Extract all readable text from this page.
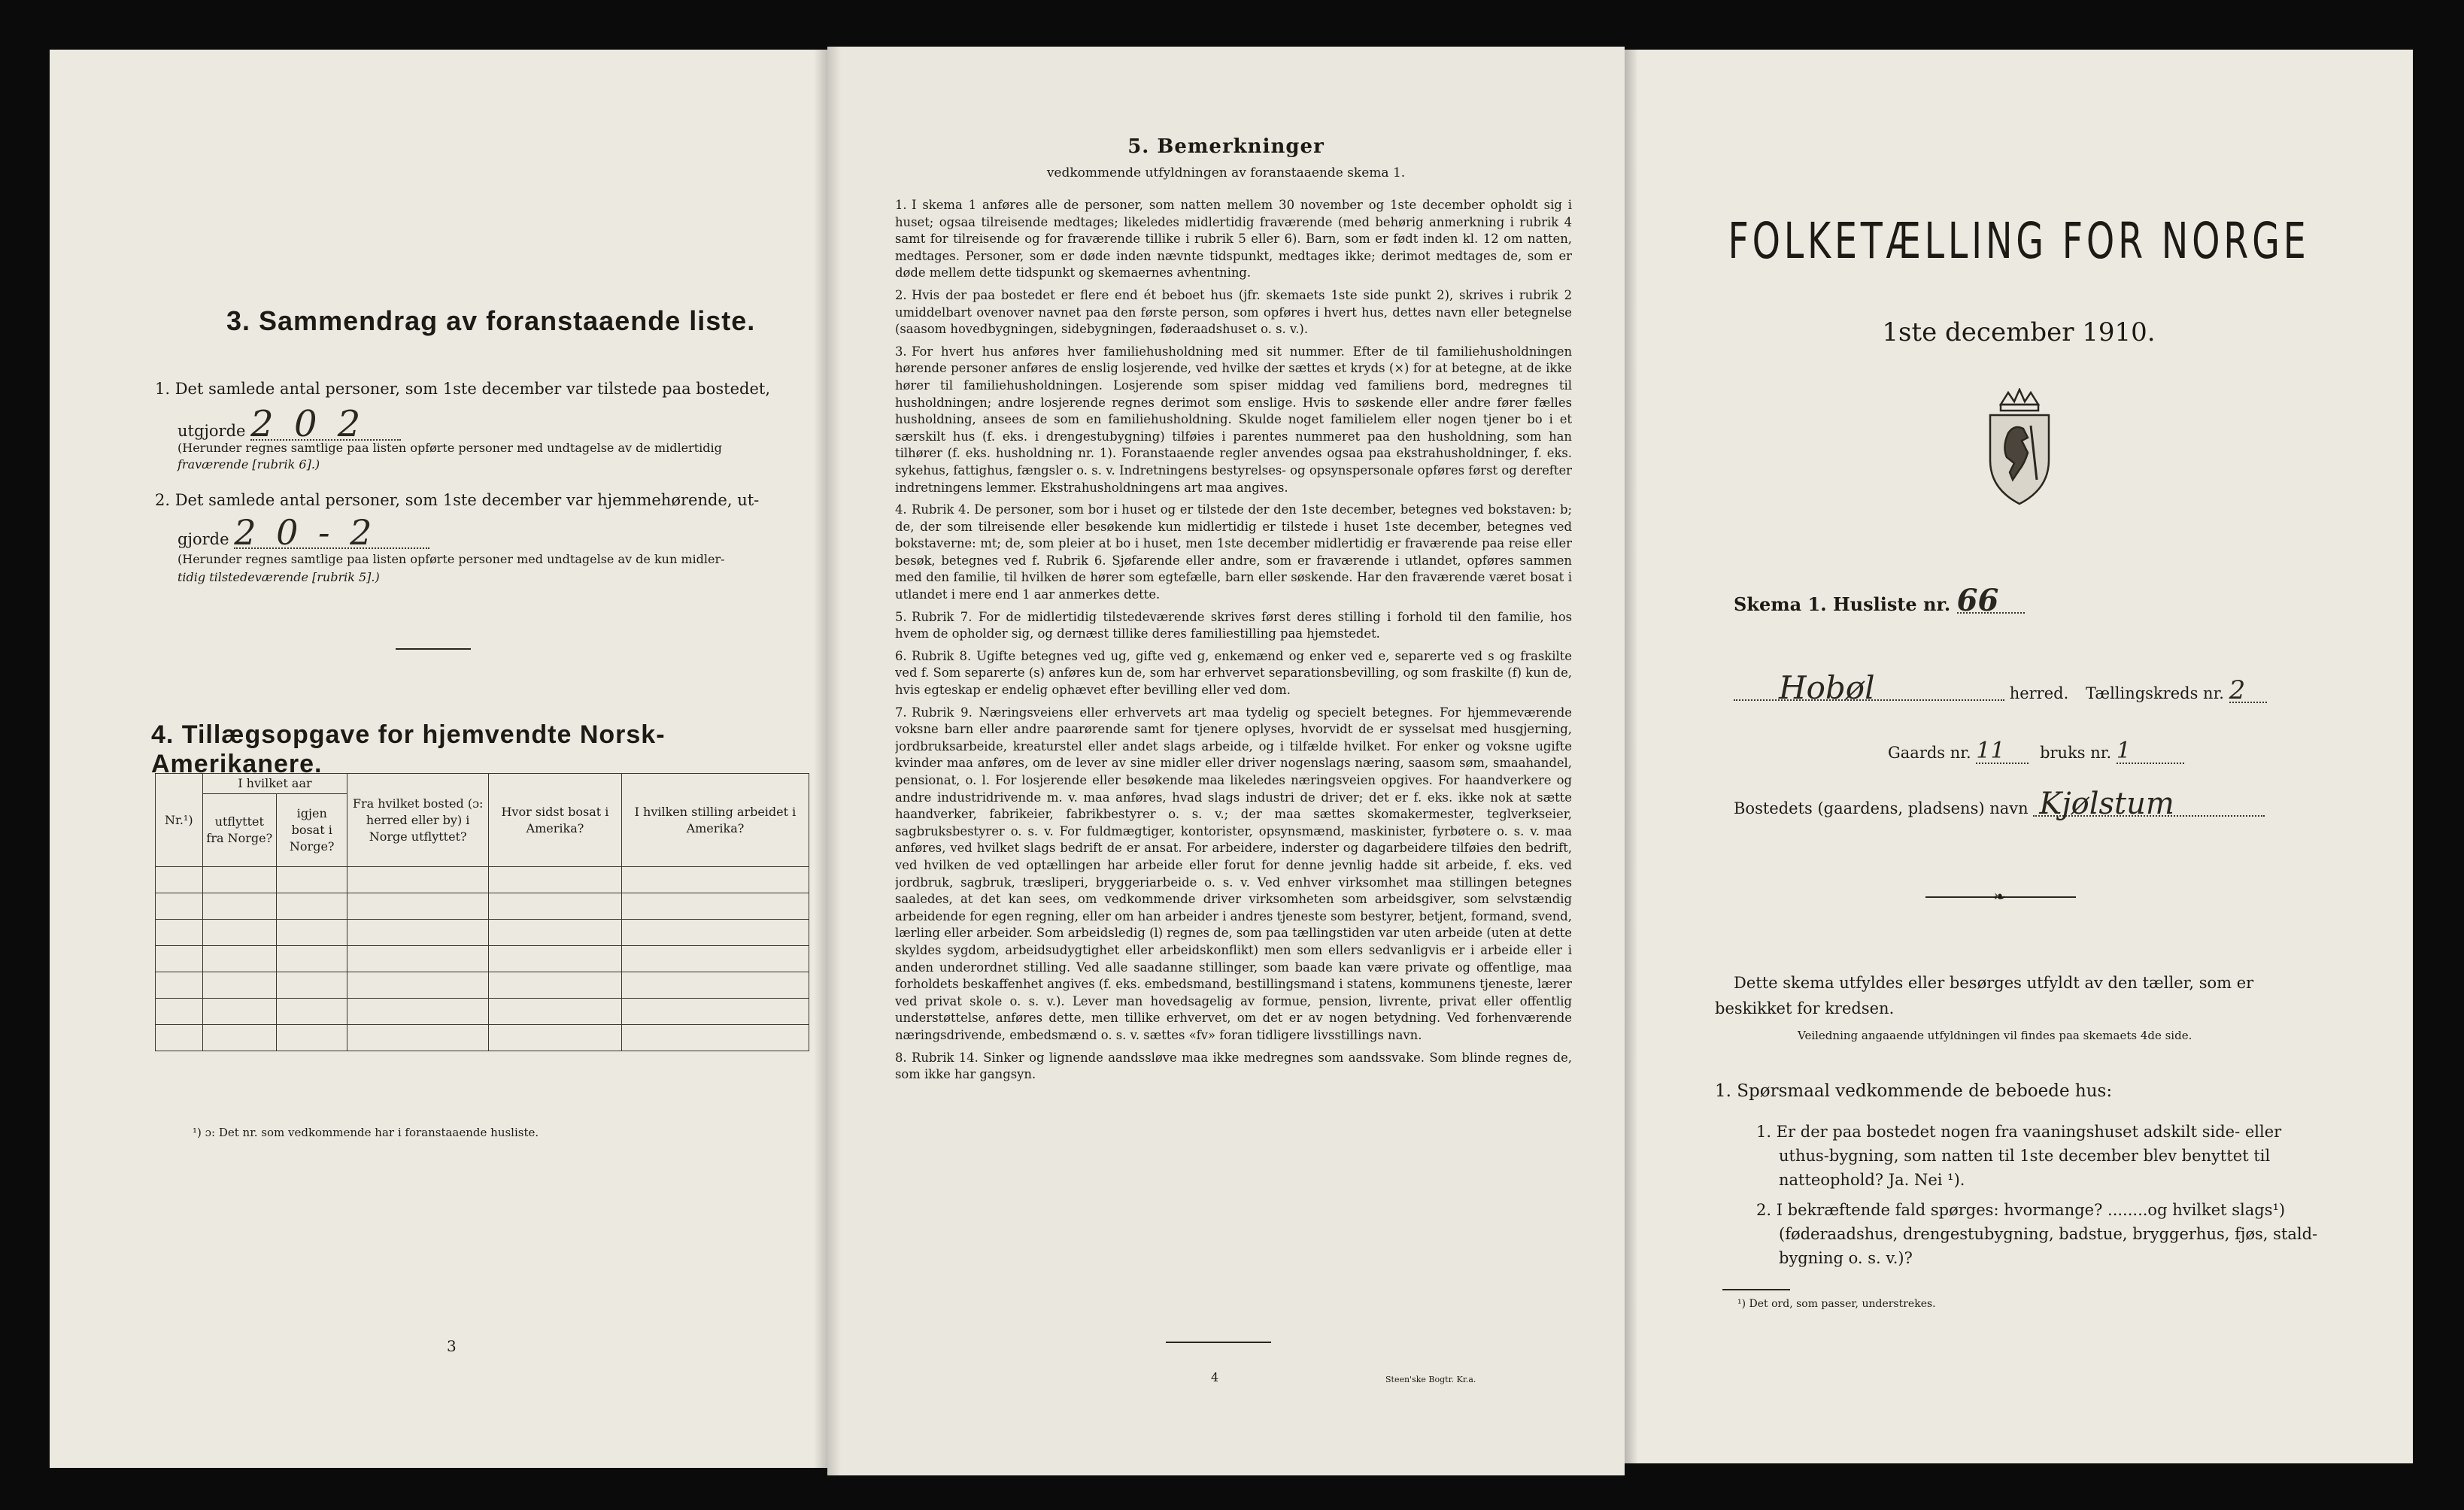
3. Sammendrag av foranstaaende liste.
1. Det samlede antal personer, som 1ste december var tilstede paa bostedet,
utgjorde 2 0 2
(Herunder regnes samtlige paa listen opførte personer med undtagelse av de midlertidig
fraværende [rubrik 6].)
2. Det samlede antal personer, som 1ste december var hjemmehørende, ut-
gjorde 2 0 - 2
(Herunder regnes samtlige paa listen opførte personer med undtagelse av de kun midler-
tidig tilstedeværende [rubrik 5].)
4. Tillægsopgave for hjemvendte Norsk-Amerikanere.
Nr.¹)	I hvilket aar		Fra hvilket bosted (ɔ: herred eller by) i Norge utflyttet?	Hvor sidst bosat i Amerika?	I hvilken stilling arbeidet i Amerika?
	utflyttet fra Norge?	igjen bosat i Norge?			

¹) ɔ: Det nr. som vedkommende har i foranstaaende husliste.
3
5. Bemerkninger
vedkommende utfyldningen av foranstaaende skema 1.
1. I skema 1 anføres alle de personer, som natten mellem 30 november og 1ste december opholdt sig i huset; ogsaa tilreisende medtages; likeledes midlertidig fraværende (med behørig anmerkning i rubrik 4 samt for tilreisende og for fraværende tillike i rubrik 5 eller 6). Barn, som er født inden kl. 12 om natten, medtages. Personer, som er døde inden nævnte tidspunkt, medtages ikke; derimot medtages de, som er døde mellem dette tidspunkt og skemaernes avhentning.
2. Hvis der paa bostedet er flere end ét beboet hus (jfr. skemaets 1ste side punkt 2), skrives i rubrik 2 umiddelbart ovenover navnet paa den første person, som opføres i hvert hus, dettes navn eller betegnelse (saasom hovedbygningen, sidebygningen, føderaadshuset o. s. v.).
3. For hvert hus anføres hver familiehusholdning med sit nummer. Efter de til familiehusholdningen hørende personer anføres de enslig losjerende, ved hvilke der sættes et kryds (×) for at betegne, at de ikke hører til familiehusholdningen. Losjerende som spiser middag ved familiens bord, medregnes til husholdningen; andre losjerende regnes derimot som enslige. Hvis to søskende eller andre fører fælles husholdning, ansees de som en familiehusholdning. Skulde noget familielem eller nogen tjener bo i et særskilt hus (f. eks. i drengestubygning) tilføies i parentes nummeret paa den husholdning, som han tilhører (f. eks. husholdning nr. 1). Foranstaaende regler anvendes ogsaa paa ekstrahusholdninger, f. eks. sykehus, fattighus, fængsler o. s. v. Indretningens bestyrelses- og opsynspersonale opføres først og derefter indretningens lemmer. Ekstrahusholdningens art maa angives.
4. Rubrik 4. De personer, som bor i huset og er tilstede der den 1ste december, betegnes ved bokstaven: b; de, der som tilreisende eller besøkende kun midlertidig er tilstede i huset 1ste december, betegnes ved bokstaverne: mt; de, som pleier at bo i huset, men 1ste december midlertidig er fraværende paa reise eller besøk, betegnes ved f. Rubrik 6. Sjøfarende eller andre, som er fraværende i utlandet, opføres sammen med den familie, til hvilken de hører som egtefælle, barn eller søskende. Har den fraværende været bosat i utlandet i mere end 1 aar anmerkes dette.
5. Rubrik 7. For de midlertidig tilstedeværende skrives først deres stilling i forhold til den familie, hos hvem de opholder sig, og dernæst tillike deres familiestilling paa hjemstedet.
6. Rubrik 8. Ugifte betegnes ved ug, gifte ved g, enkemænd og enker ved e, separerte ved s og fraskilte ved f. Som separerte (s) anføres kun de, som har erhvervet separationsbevilling, og som fraskilte (f) kun de, hvis egteskap er endelig ophævet efter bevilling eller ved dom.
7. Rubrik 9. Næringsveiens eller erhvervets art maa tydelig og specielt betegnes. For hjemmeværende voksne barn eller andre paarørende samt for tjenere oplyses, hvorvidt de er sysselsat med husgjerning, jordbruksarbeide, kreaturstel eller andet slags arbeide, og i tilfælde hvilket. For enker og voksne ugifte kvinder maa anføres, om de lever av sine midler eller driver nogenslags næring, saasom søm, smaahandel, pensionat, o. l. For losjerende eller besøkende maa likeledes næringsveien opgives. For haandverkere og andre industridrivende m. v. maa anføres, hvad slags industri de driver; det er f. eks. ikke nok at sætte haandverker, fabrikeier, fabrikbestyrer o. s. v.; der maa sættes skomakermester, teglverkseier, sagbruksbestyrer o. s. v. For fuldmægtiger, kontorister, opsynsmænd, maskinister, fyrbøtere o. s. v. maa anføres, ved hvilket slags bedrift de er ansat. For arbeidere, inderster og dagarbeidere tilføies den bedrift, ved hvilken de ved optællingen har arbeide eller forut for denne jevnlig hadde sit arbeide, f. eks. ved jordbruk, sagbruk, træsliperi, bryggeriarbeide o. s. v. Ved enhver virksomhet maa stillingen betegnes saaledes, at det kan sees, om vedkommende driver virksomheten som arbeidsgiver, som selvstændig arbeidende for egen regning, eller om han arbeider i andres tjeneste som bestyrer, betjent, formand, svend, lærling eller arbeider. Som arbeidsledig (l) regnes de, som paa tællingstiden var uten arbeide (uten at dette skyldes sygdom, arbeidsudygtighet eller arbeidskonflikt) men som ellers sedvanligvis er i arbeide eller i anden underordnet stilling. Ved alle saadanne stillinger, som baade kan være private og offentlige, maa forholdets beskaffenhet angives (f. eks. embedsmand, bestillingsmand i statens, kommunens tjeneste, lærer ved privat skole o. s. v.). Lever man hovedsagelig av formue, pension, livrente, privat eller offentlig understøttelse, anføres dette, men tillike erhvervet, om det er av nogen betydning. Ved forhenværende næringsdrivende, embedsmænd o. s. v. sættes «fv» foran tidligere livsstillings navn.
8. Rubrik 14. Sinker og lignende aandssløve maa ikke medregnes som aandssvake. Som blinde regnes de, som ikke har gangsyn.
4	Steen'ske Bogtr. Kr.a.
FOLKETÆLLING FOR NORGE
1ste december 1910.
Skema 1. Husliste nr. 66
Hobøl	herred. Tællingskreds nr. 2
Gaards nr. 11 bruks nr. 1
Bostedets (gaardens, pladsens) navn Kjølstum
❧
Dette skema utfyldes eller besørges utfyldt av den tæller, som er
beskikket for kredsen.
Veiledning angaaende utfyldningen vil findes paa skemaets 4de side.
1. Spørsmaal vedkommende de beboede hus:
1. Er der paa bostedet nogen fra vaaningshuset adskilt side- eller
uthus-bygning, som natten til 1ste december blev benyttet til
natteophold? Ja. Nei ¹).
2. I bekræftende fald spørges: hvormange? ........og hvilket slags¹)
(føderaadshus, drengestubygning, badstue, bryggerhus, fjøs, stald-
bygning o. s. v.)?
¹) Det ord, som passer, understrekes.
